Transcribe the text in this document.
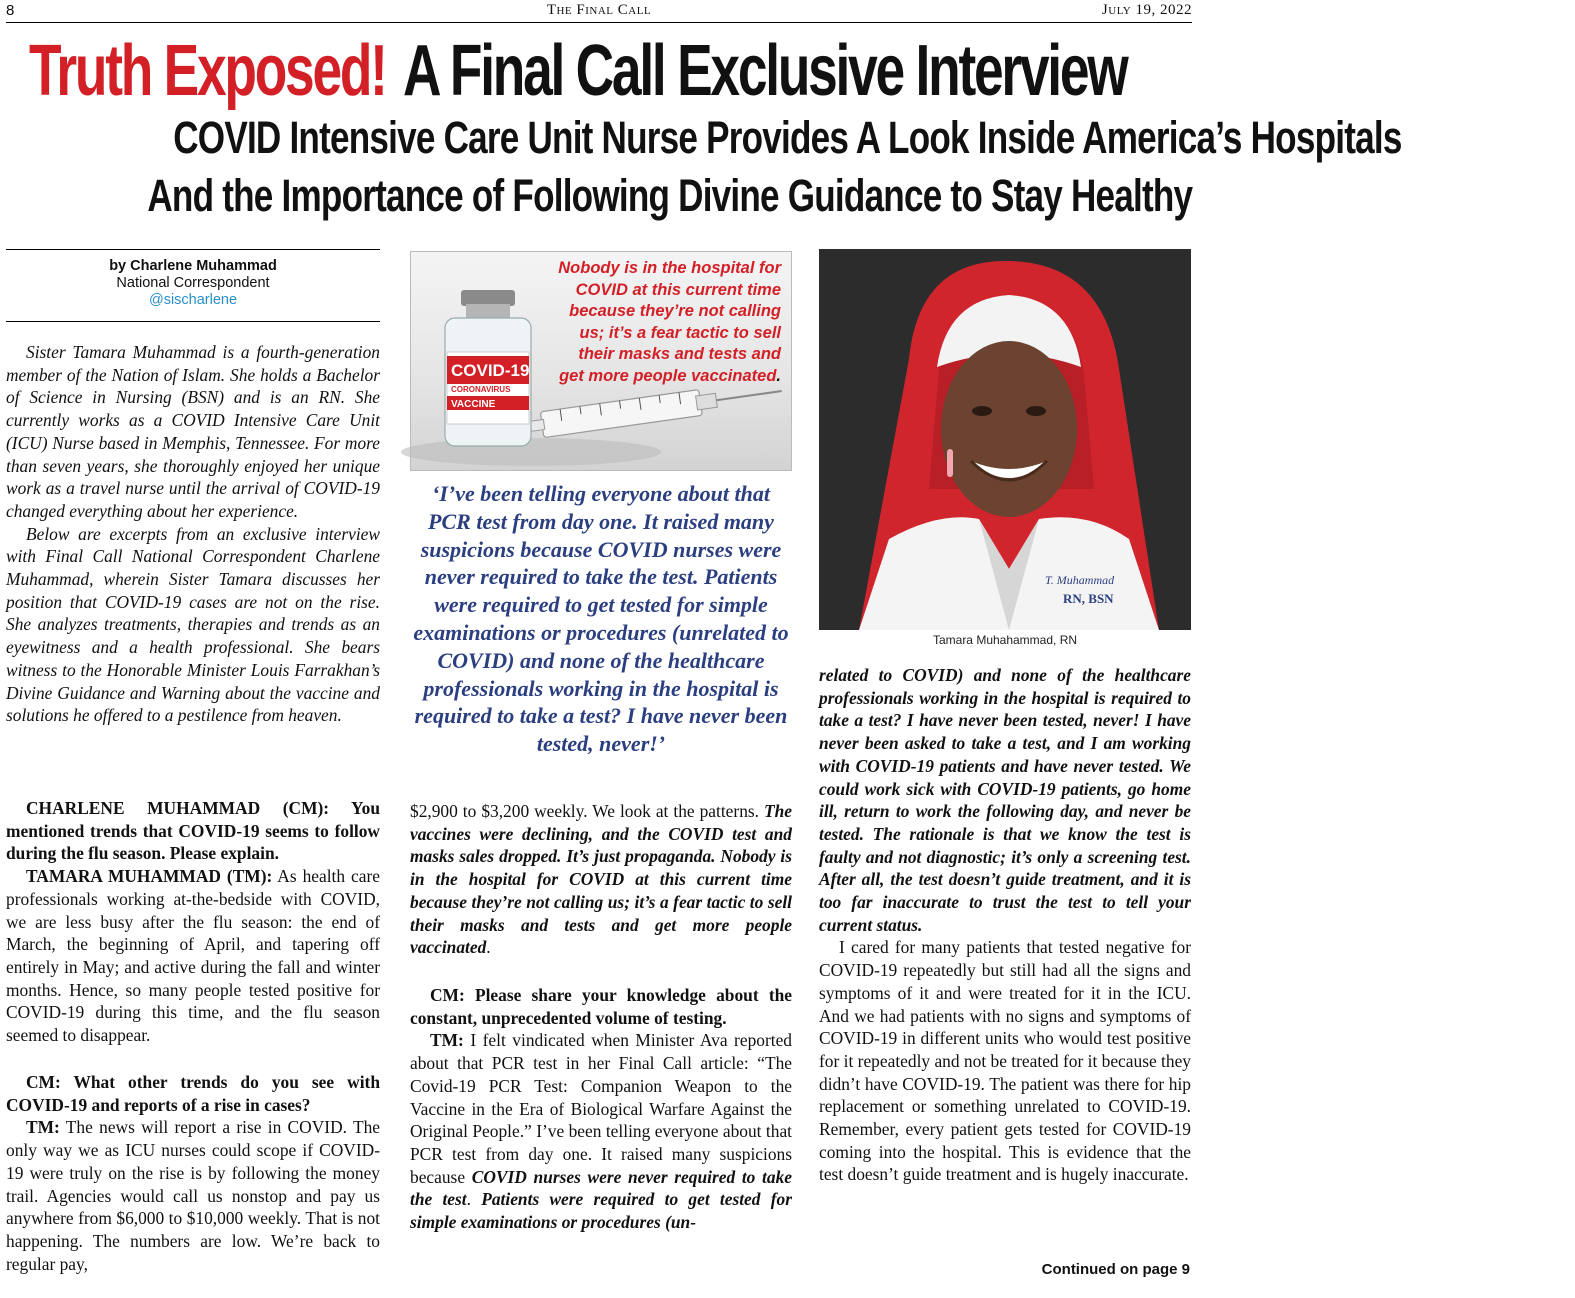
8	The Final Call	July 19, 2022
Truth Exposed! A Final Call Exclusive Interview
COVID Intensive Care Unit Nurse Provides A Look Inside America’s Hospitals
And the Importance of Following Divine Guidance to Stay Healthy
by Charlene Muhammad
National Correspondent
@sischarlene

Sister Tamara Muhammad is a fourth-generation member of the Nation of Islam. She holds a Bachelor of Science in Nursing (BSN) and is an RN. She currently works as a COVID Intensive Care Unit (ICU) Nurse based in Memphis, Tennessee. For more than seven years, she thoroughly enjoyed her unique work as a travel nurse until the arrival of COVID-19 changed everything about her experience.

Below are excerpts from an exclusive interview with Final Call National Correspondent Charlene Muhammad, wherein Sister Tamara discusses her position that COVID-19 cases are not on the rise. She analyzes treatments, therapies and trends as an eyewitness and a health professional. She bears witness to the Honorable Minister Louis Farrakhan’s Divine Guidance and Warning about the vaccine and solutions he offered to a pestilence from heaven.

CHARLENE MUHAMMAD (CM): You mentioned trends that COVID-19 seems to follow during the flu season. Please explain.

TAMARA MUHAMMAD (TM): As health care professionals working at-the-bedside with COVID, we are less busy after the flu season: the end of March, the beginning of April, and tapering off entirely in May; and active during the fall and winter months. Hence, so many people tested positive for COVID-19 during this time, and the flu season seemed to disappear.

CM: What other trends do you see with COVID-19 and reports of a rise in cases?

TM: The news will report a rise in COVID. The only way we as ICU nurses could scope if COVID-19 were truly on the rise is by following the money trail. Agencies would call us nonstop and pay us anywhere from $6,000 to $10,000 weekly. That is not happening. The numbers are low. We’re back to regular pay,

COVID-19
CORONAVIRUS
VACCINE
Nobody is in the hospital for COVID at this current time because they’re not calling us; it’s a fear tactic to sell their masks and tests and get more people vaccinated.
‘I’ve been telling everyone about that PCR test from day one. It raised many suspicions because COVID nurses were never required to take the test. Patients were required to get tested for simple examinations or procedures (unrelated to COVID) and none of the healthcare professionals working in the hospital is required to take a test? I have never been tested, never!’

$2,900 to $3,200 weekly. We look at the patterns. The vaccines were declining, and the COVID test and masks sales dropped. It’s just propaganda. Nobody is in the hospital for COVID at this current time because they’re not calling us; it’s a fear tactic to sell their masks and tests and get more people vaccinated.

CM: Please share your knowledge about the constant, unprecedented volume of testing.

TM: I felt vindicated when Minister Ava reported about that PCR test in her Final Call article: “The Covid-19 PCR Test: Companion Weapon to the Vaccine in the Era of Biological Warfare Against the Original People.” I’ve been telling everyone about that PCR test from day one. It raised many suspicions because COVID nurses were never required to take the test. Patients were required to get tested for simple examinations or procedures (un-

T. Muhammad
RN, BSN
Tamara Muhahammad, RN

related to COVID) and none of the healthcare professionals working in the hospital is required to take a test? I have never been tested, never! I have never been asked to take a test, and I am working with COVID-19 patients and have never tested. We could work sick with COVID-19 patients, go home ill, return to work the following day, and never be tested. The rationale is that we know the test is faulty and not diagnostic; it’s only a screening test. After all, the test doesn’t guide treatment, and it is too far inaccurate to trust the test to tell your current status.

I cared for many patients that tested negative for COVID-19 repeatedly but still had all the signs and symptoms of it and were treated for it in the ICU. And we had patients with no signs and symptoms of COVID-19 in different units who would test positive for it repeatedly and not be treated for it because they didn’t have COVID-19. The patient was there for hip replacement or something unrelated to COVID-19. Remember, every patient gets tested for COVID-19 coming into the hospital. This is evidence that the test doesn’t guide treatment and is hugely inaccurate.

Continued on page 9
